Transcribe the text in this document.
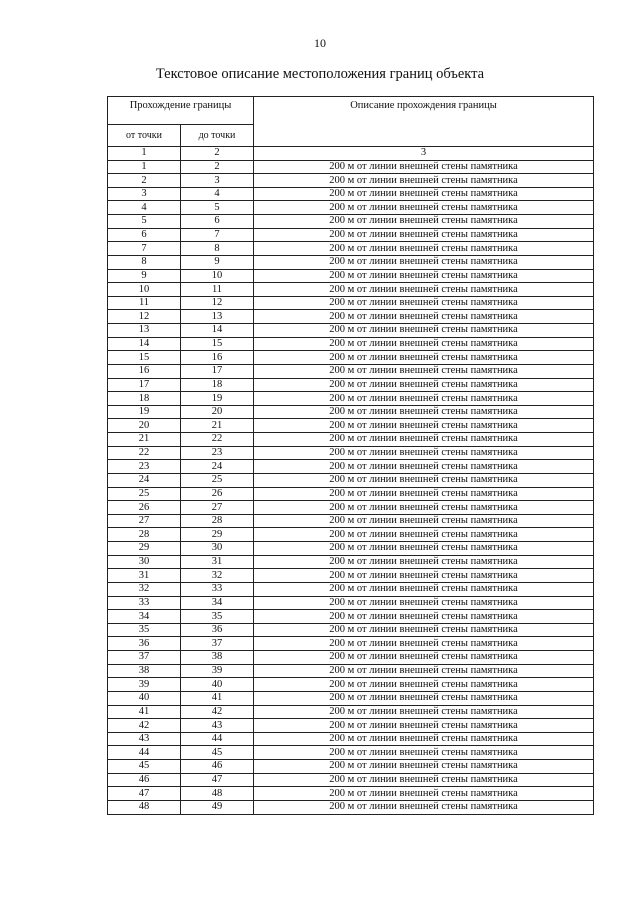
10
Текстовое описание местоположения границ объекта
Прохождение границы		Описание прохождения границы
от точки	до точки	
1	2	3
1	2	200 м от линии внешней стены памятника
2	3	200 м от линии внешней стены памятника
3	4	200 м от линии внешней стены памятника
4	5	200 м от линии внешней стены памятника
5	6	200 м от линии внешней стены памятника
6	7	200 м от линии внешней стены памятника
7	8	200 м от линии внешней стены памятника
8	9	200 м от линии внешней стены памятника
9	10	200 м от линии внешней стены памятника
10	11	200 м от линии внешней стены памятника
11	12	200 м от линии внешней стены памятника
12	13	200 м от линии внешней стены памятника
13	14	200 м от линии внешней стены памятника
14	15	200 м от линии внешней стены памятника
15	16	200 м от линии внешней стены памятника
16	17	200 м от линии внешней стены памятника
17	18	200 м от линии внешней стены памятника
18	19	200 м от линии внешней стены памятника
19	20	200 м от линии внешней стены памятника
20	21	200 м от линии внешней стены памятника
21	22	200 м от линии внешней стены памятника
22	23	200 м от линии внешней стены памятника
23	24	200 м от линии внешней стены памятника
24	25	200 м от линии внешней стены памятника
25	26	200 м от линии внешней стены памятника
26	27	200 м от линии внешней стены памятника
27	28	200 м от линии внешней стены памятника
28	29	200 м от линии внешней стены памятника
29	30	200 м от линии внешней стены памятника
30	31	200 м от линии внешней стены памятника
31	32	200 м от линии внешней стены памятника
32	33	200 м от линии внешней стены памятника
33	34	200 м от линии внешней стены памятника
34	35	200 м от линии внешней стены памятника
35	36	200 м от линии внешней стены памятника
36	37	200 м от линии внешней стены памятника
37	38	200 м от линии внешней стены памятника
38	39	200 м от линии внешней стены памятника
39	40	200 м от линии внешней стены памятника
40	41	200 м от линии внешней стены памятника
41	42	200 м от линии внешней стены памятника
42	43	200 м от линии внешней стены памятника
43	44	200 м от линии внешней стены памятника
44	45	200 м от линии внешней стены памятника
45	46	200 м от линии внешней стены памятника
46	47	200 м от линии внешней стены памятника
47	48	200 м от линии внешней стены памятника
48	49	200 м от линии внешней стены памятника
